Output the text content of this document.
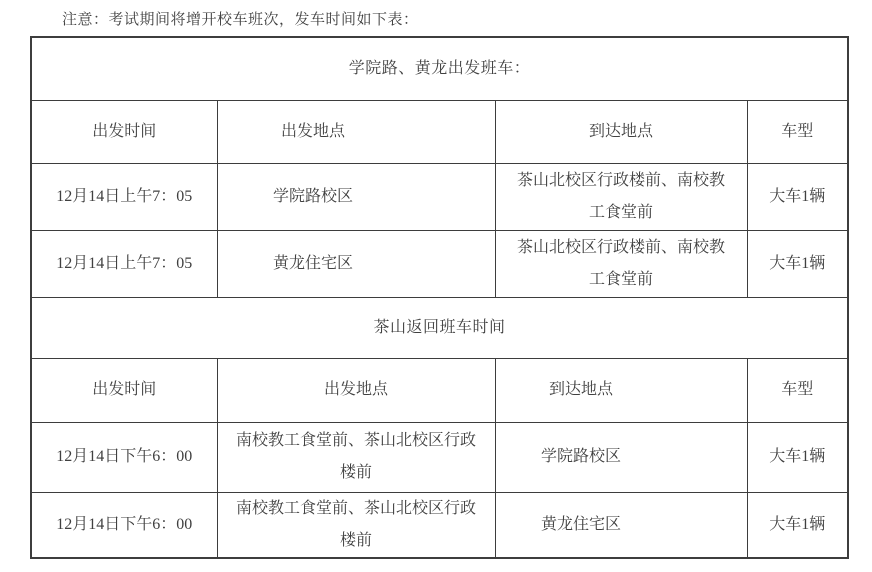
注意：考试期间将增开校车班次，发车时间如下表：
学院路、黄龙出发班车：			
出发时间	出发地点	到达地点	车型
12月14日上午7：05	学院路校区	茶山北校区行政楼前、南校教工食堂前	大车1辆
12月14日上午7：05	黄龙住宅区	茶山北校区行政楼前、南校教工食堂前	大车1辆
茶山返回班车时间			
出发时间	出发地点	到达地点	车型
12月14日下午6：00	南校教工食堂前、茶山北校区行政楼前	学院路校区	大车1辆
12月14日下午6：00	南校教工食堂前、茶山北校区行政楼前	黄龙住宅区	大车1辆
